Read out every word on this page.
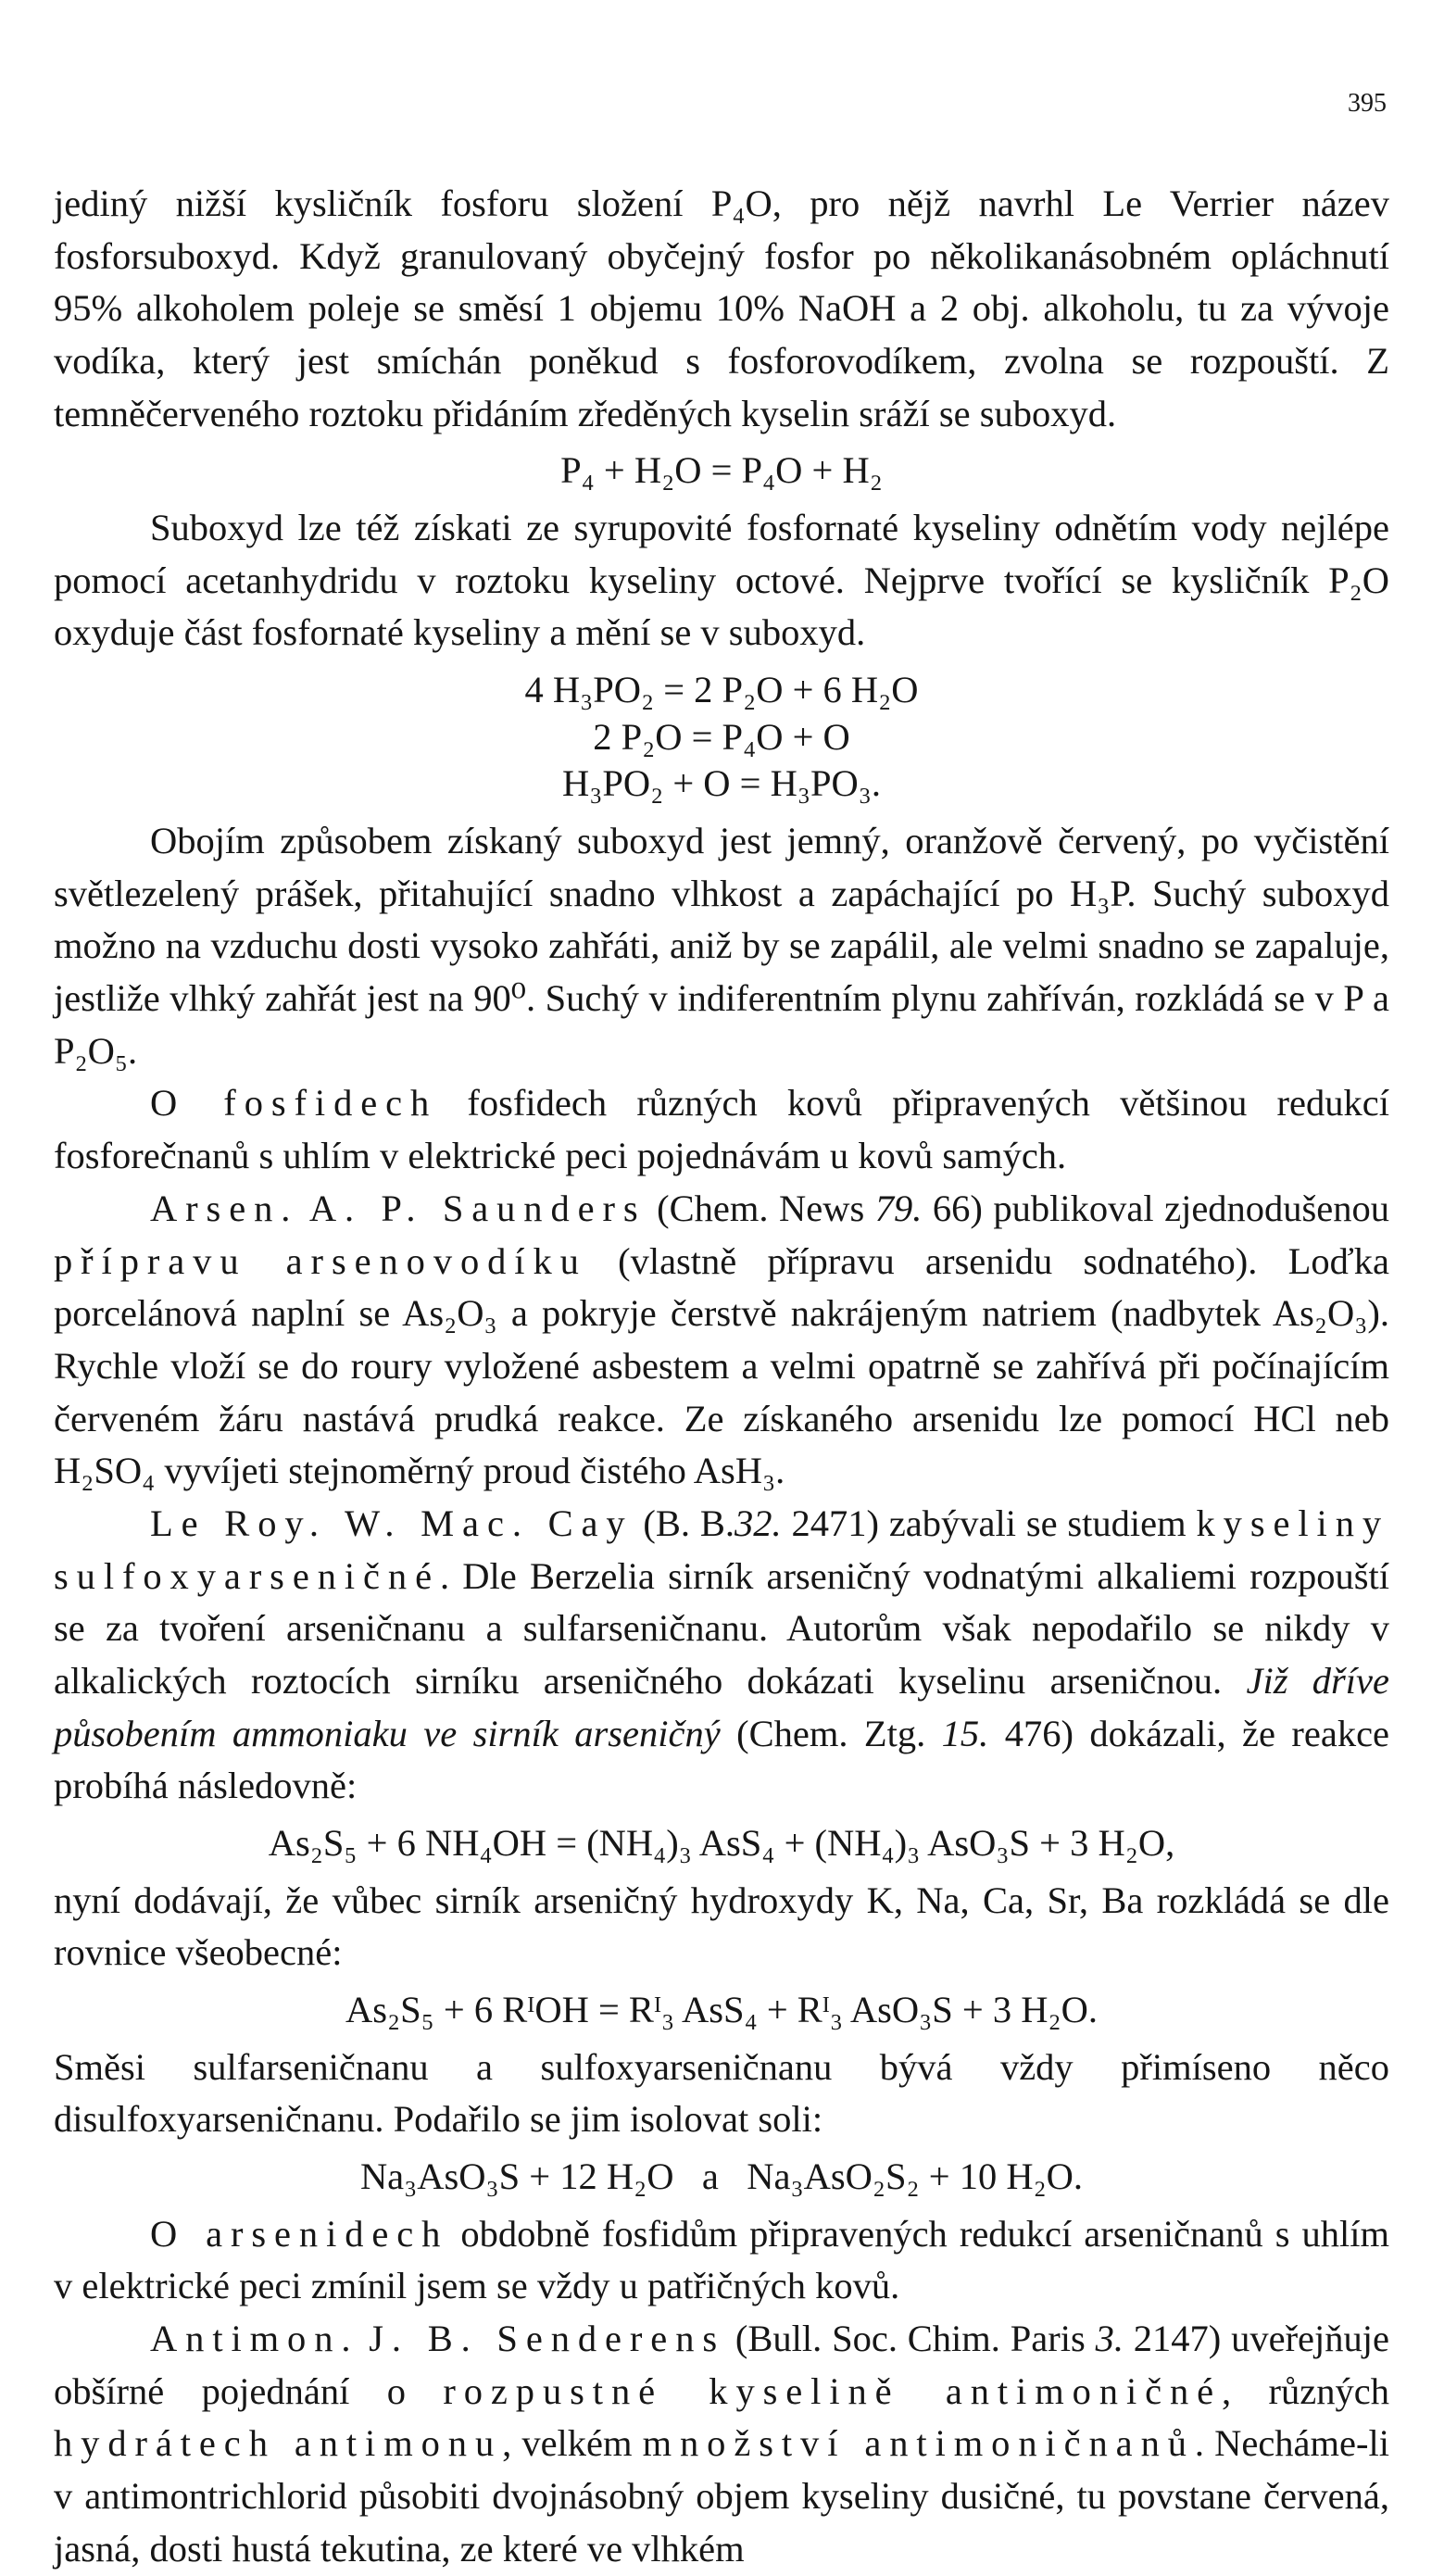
395

jediný nižší kysličník fosforu složení P₄O, pro nějž navrhl Le Verrier název fosforsuboxyd. Když granulovaný obyčejný fosfor po několikanásobném opláchnutí 95% alkoholem poleje se směsí 1 objemu 10% NaOH a 2 obj. alkoholu, tu za vývoje vodíka, který jest smíchán poněkud s fosforovodíkem, zvolna se rozpouští. Z temněčerveného roztoku přidáním zředěných kyselin sráží se suboxyd.

P₄ + H₂O = P₄O + H₂

Suboxyd lze též získati ze syrupovité fosfornaté kyseliny odnětím vody nejlépe pomocí acetanhydridu v roztoku kyseliny octové. Nejprve tvořící se kysličník P₂O oxyduje část fosfornaté kyseliny a mění se v suboxyd.

4 H₃PO₂ = 2 P₂O + 6 H₂O
2 P₂O = P₄O + O
H₃PO₂ + O = H₃PO₃.

Obojím způsobem získaný suboxyd jest jemný, oranžově červený, po vyčistění světlezelený prášek, přitahující snadno vlhkost a zapáchající po H₃P. Suchý suboxyd možno na vzduchu dosti vysoko zahřáti, aniž by se zapálil, ale velmi snadno se zapaluje, jestliže vlhký zahřát jest na 90⁰. Suchý v indiferentním plynu zahříván, rozkládá se v P a P₂O₅.

O fosfidech fosfidech různých kovů připravených většinou redukcí fosforečnanů s uhlím v elektrické peci pojednávám u kovů samých.

Arsen. A. P. Saunders (Chem. News 79. 66) publikoval zjednodušenou přípravu arsenovodíku (vlastně přípravu arsenidu sodnatého). Loďka porcelánová naplní se As₂O₃ a pokryje čerstvě nakrájeným natriem (nadbytek As₂O₃). Rychle vloží se do roury vyložené asbestem a velmi opatrně se zahřívá při počínajícím červeném žáru nastává prudká reakce. Ze získaného arsenidu lze pomocí HCl neb H₂SO₄ vyvíjeti stejnoměrný proud čistého AsH₃.

Le Roy. W. Mac. Cay (B. B.32. 2471) zabývali se studiem kyseliny sulfoxyarseničné. Dle Berzelia sirník arseničný vodnatými alkaliemi rozpouští se za tvoření arseničnanu a sulfarseničnanu. Autorům však nepodařilo se nikdy v alkalických roztocích sirníku arseničného dokázati kyselinu arseničnou. Již dříve působením ammoniaku ve sirník arseničný (Chem. Ztg. 15. 476) dokázali, že reakce probíhá následovně:

As₂S₅ + 6 NH₄OH = (NH₄)₃ AsS₄ + (NH₄)₃ AsO₃S + 3 H₂O,

nyní dodávají, že vůbec sirník arseničný hydroxydy K, Na, Ca, Sr, Ba rozkládá se dle rovnice všeobecné:

As₂S₅ + 6 RᴵOH = Rᴵ₃ AsS₄ + Rᴵ₃ AsO₃S + 3 H₂O.

Směsi sulfarseničnanu a sulfoxyarseničnanu bývá vždy přimíseno něco disulfoxyarseničnanu. Podařilo se jim isolovat soli:

Na₃AsO₃S + 12 H₂O   a   Na₃AsO₂S₂ + 10 H₂O.

O arsenidech obdobně fosfidům připravených redukcí arseničnanů s uhlím v elektrické peci zmínil jsem se vždy u patřičných kovů.

Antimon. J. B. Senderens (Bull. Soc. Chim. Paris 3. 2147) uveřejňuje obšírné pojednání o rozpustné kyselině antimoničné, různých hydrátech antimonu, velkém množství antimoničnanů. Necháme-li v antimontrichlorid působiti dvojnásobný objem kyseliny dusičné, tu povstane červená, jasná, dosti hustá tekutina, ze které ve vlhkém
